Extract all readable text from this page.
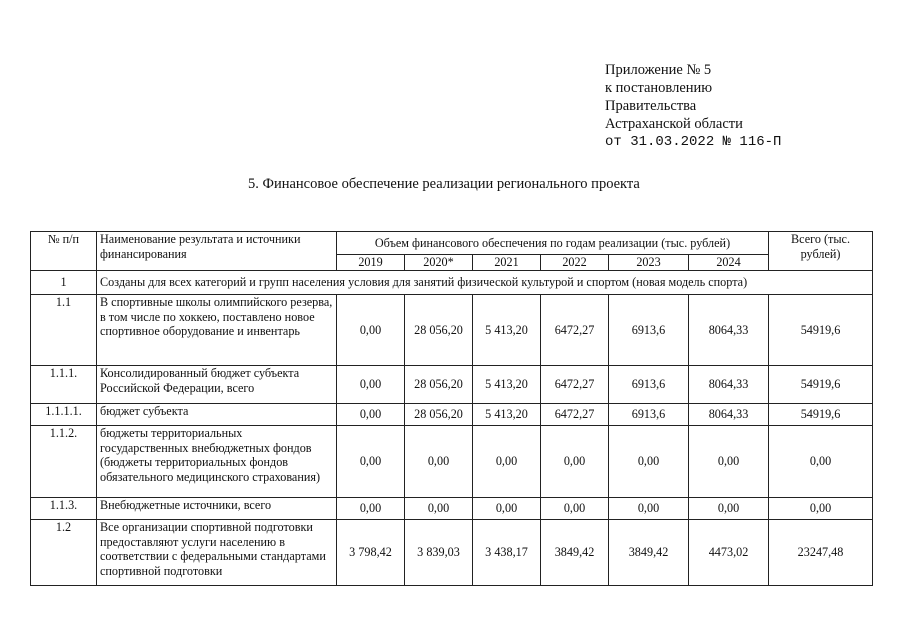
Приложение № 5
к постановлению
Правительства
Астраханской области
от 31.03.2022 № 116-П
5. Финансовое обеспечение реализации регионального проекта
№ п/п	Наименование результата и источники финансирования	Объем финансового обеспечения по годам реализации (тыс. рублей)						Всего (тыс. рублей)
		2019	2020*	2021	2022	2023	2024	
1	Созданы для всех категорий и групп населения условия для занятий физической культурой и спортом (новая модель спорта)							
1.1	В спортивные школы олимпийского резерва, в том числе по хоккею, поставлено новое спортивное оборудование и инвентарь	0,00	28 056,20	5 413,20	6472,27	6913,6	8064,33	54919,6
1.1.1.	Консолидированный бюджет субъекта Российской Федерации, всего	0,00	28 056,20	5 413,20	6472,27	6913,6	8064,33	54919,6
1.1.1.1.	бюджет субъекта	0,00	28 056,20	5 413,20	6472,27	6913,6	8064,33	54919,6
1.1.2.	бюджеты территориальных государственных внебюджетных фондов (бюджеты территориальных фондов обязательного медицинского страхования)	0,00	0,00	0,00	0,00	0,00	0,00	0,00
1.1.3.	Внебюджетные источники, всего	0,00	0,00	0,00	0,00	0,00	0,00	0,00
1.2	Все организации спортивной подготовки предоставляют услуги населению в соответствии с федеральными стандартами спортивной подготовки	3 798,42	3 839,03	3 438,17	3849,42	3849,42	4473,02	23247,48
